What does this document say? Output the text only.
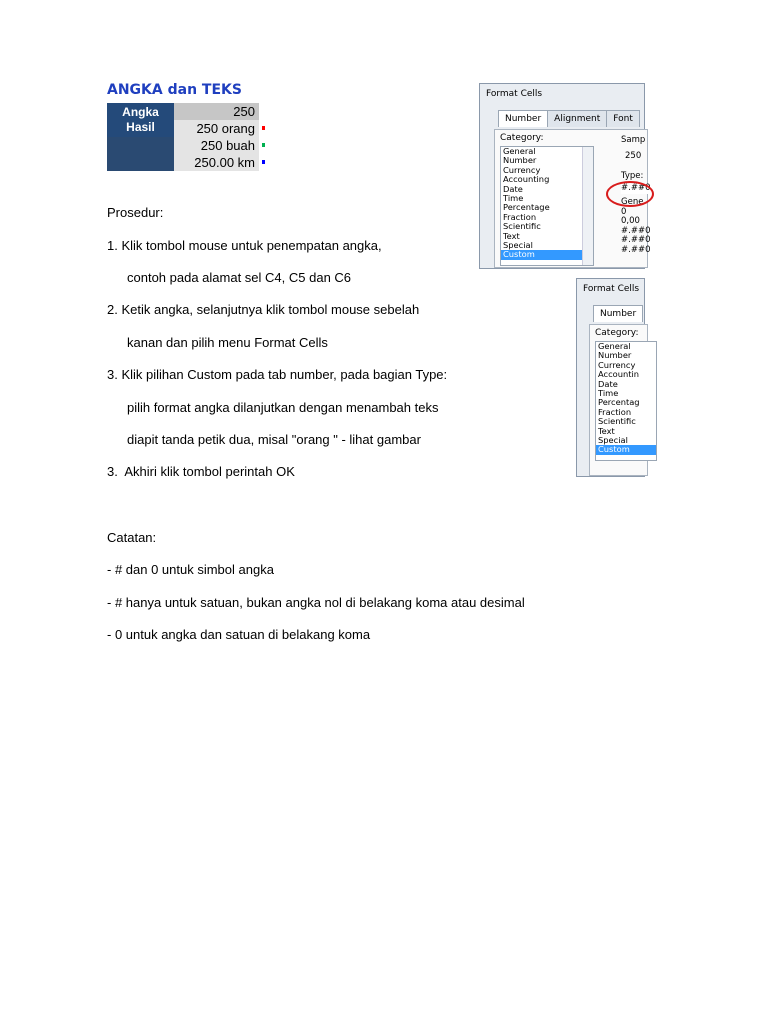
ANGKA dan TEKS
Angka	250	
Hasil	250 orang	

	250 buah	

	250.00 km	

Prosedur:

1. Klik tombol mouse untuk penempatan angka,

contoh pada alamat sel C4, C5 dan C6

2. Ketik angka, selanjutnya klik tombol mouse sebelah

kanan dan pilih menu Format Cells

3. Klik pilihan Custom pada tab number, pada bagian Type:

pilih format angka dilanjutkan dengan menambah teks

diapit tanda petik dua, misal "orang " - lihat gambar

3.  Akhiri klik tombol perintah OK

Catatan:

- # dan 0 untuk simbol angka

- # hanya untuk satuan, bukan angka nol di belakang koma atau desimal

- 0 untuk angka dan satuan di belakang koma

Format Cells
Number	Alignment	Font
Category:
General
Number
Currency
Accounting
Date
Time
Percentage
Fraction
Scientific
Text
Special
Custom
Samp
250
Type:
#.##0
Gene
0
0,00
#.##0
#.##0
#.##0
Format Cells
Number
Category:
General
Number
Currency
Accountin
Date
Time
Percentag
Fraction
Scientific
Text
Special
Custom
